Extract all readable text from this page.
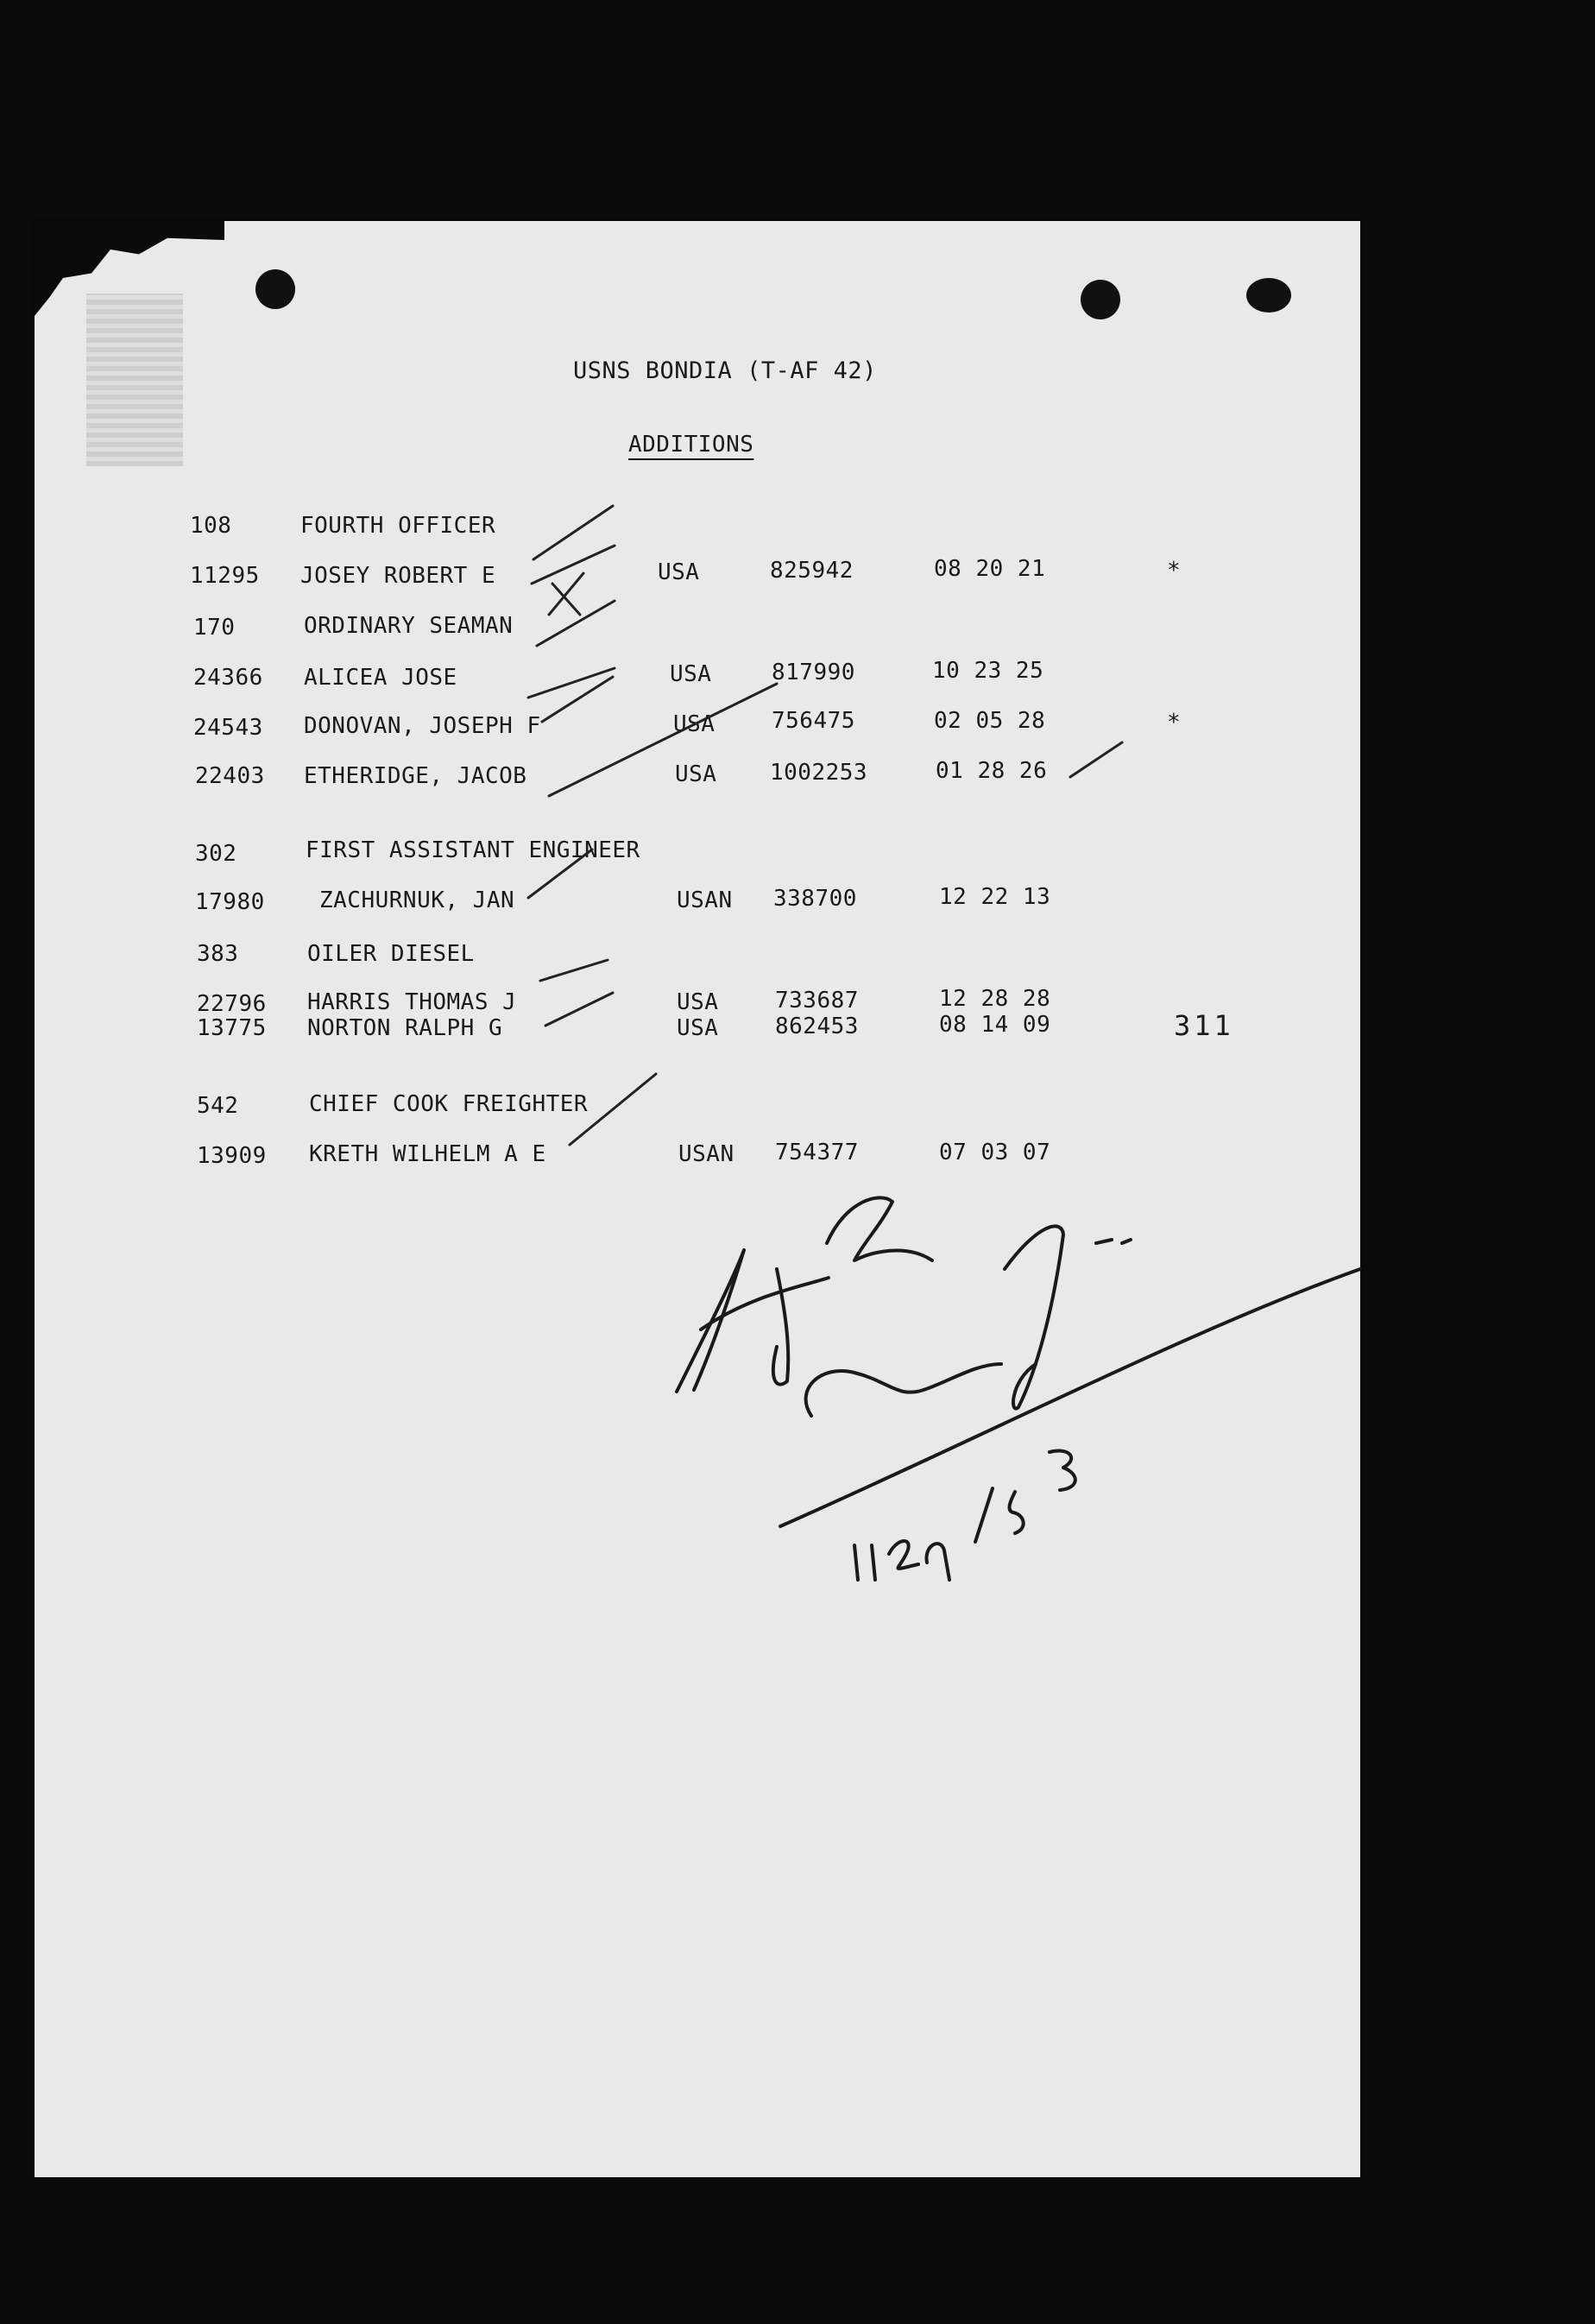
USNS BONDIA (T-AF 42)
ADDITIONS
108	FOURTH OFFICER
11295 JOSEY ROBERT E	USA	825942	08 20 21	*
170	ORDINARY SEAMAN
24366 ALICEA JOSE	USA	817990	10 23 25
24543 DONOVAN, JOSEPH F	USA	756475	02 05 28	*
22403 ETHERIDGE, JACOB	USA 1002253	01 28 26
302	FIRST ASSISTANT ENGINEER
17980 ZACHURNUK, JAN	USAN 338700	12 22 13
383	OILER DIESEL
22796 HARRIS THOMAS J	USA	733687	12 28 28
13775 NORTON RALPH G	USA	862453	08 14 09	311
542	CHIEF COOK FREIGHTER
13909 KRETH WILHELM A E	USAN 754377	07 03 07
